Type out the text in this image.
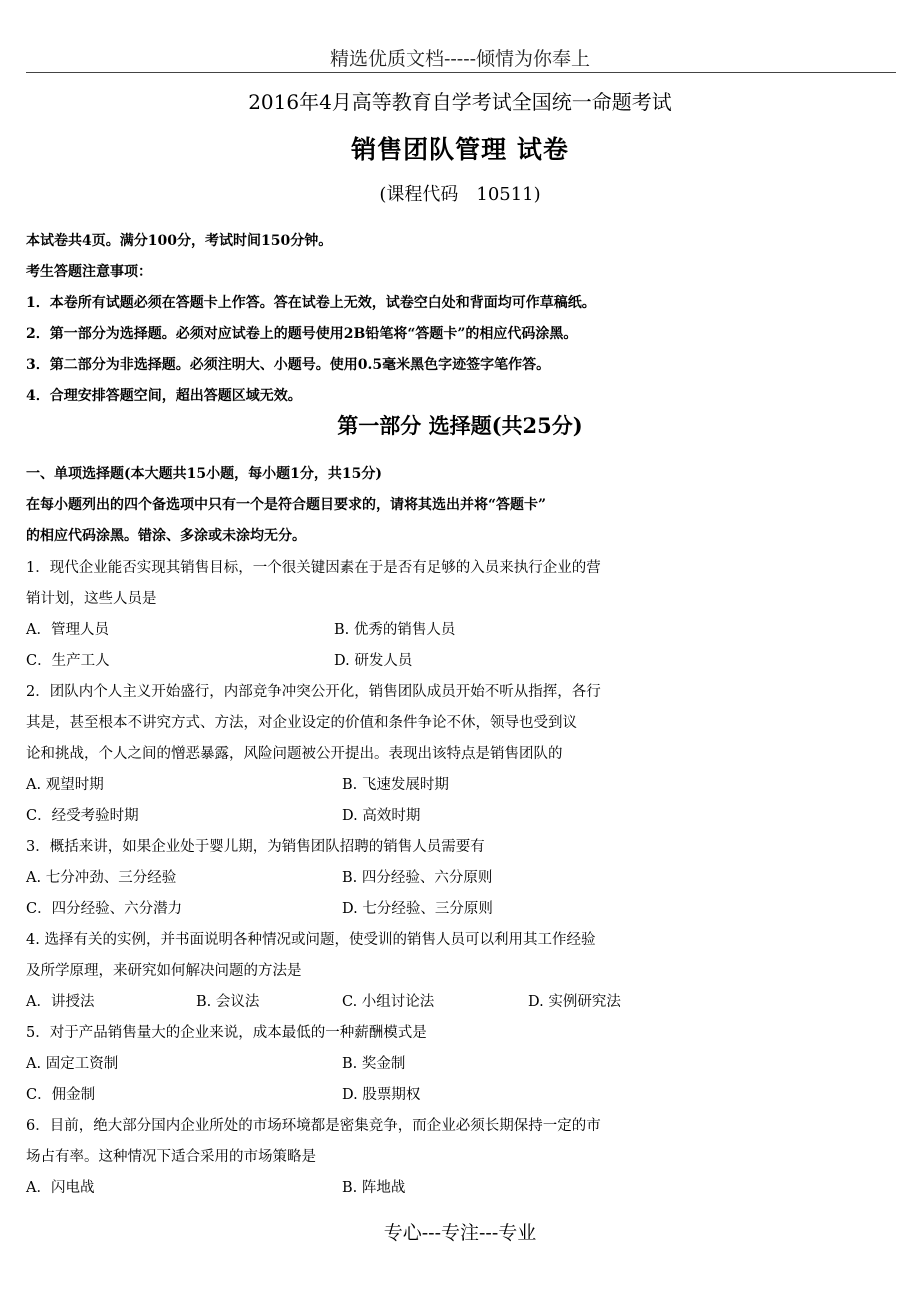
精选优质文档-----倾情为你奉上
2016年4月高等教育自学考试全国统一命题考试
销售团队管理 试卷
(课程代码　10511)
本试卷共4页。满分100分，考试时间150分钟。
考生答题注意事项：
1．本卷所有试题必须在答题卡上作答。答在试卷上无效，试卷空白处和背面均可作草稿纸。
2．第一部分为选择题。必须对应试卷上的题号使用2B铅笔将“答题卡”的相应代码涂黑。
3．第二部分为非选择题。必须注明大、小题号。使用0.5毫米黑色字迹签字笔作答。
4．合理安排答题空间，超出答题区域无效。
第一部分 选择题(共25分)
一、单项选择题(本大题共15小题，每小题1分，共15分)
在每小题列出的四个备选项中只有一个是符合题目要求的，请将其选出并将“答题卡”
的相应代码涂黑。错涂、多涂或未涂均无分。
1．现代企业能否实现其销售目标，一个很关键因素在于是否有足够的入员来执行企业的营
销计划，这些人员是
A．管理人员	B. 优秀的销售人员
C．生产工人	D. 研发人员
2．团队内个人主义开始盛行，内部竞争冲突公开化，销售团队成员开始不听从指挥，各行
其是，甚至根本不讲究方式、方法，对企业设定的价值和条件争论不休，领导也受到议
论和挑战，个人之间的憎恶暴露，风险问题被公开提出。表现出该特点是销售团队的
A. 观望时期	B. 飞速发展时期
C．经受考验时期	D. 高效时期
3．概括来讲，如果企业处于婴儿期，为销售团队招聘的销售人员需要有
A. 七分冲劲、三分经验	B. 四分经验、六分原则
C．四分经验、六分潜力	D. 七分经验、三分原则
4. 选择有关的实例，并书面说明各种情况或问题，使受训的销售人员可以利用其工作经验
及所学原理，来研究如何解决问题的方法是
A．讲授法	B. 会议法	C. 小组讨论法	D. 实例研究法
5．对于产品销售量大的企业来说，成本最低的一种薪酬模式是
A. 固定工资制	B. 奖金制
C．佣金制	D. 股票期权
6．目前，绝大部分国内企业所处的市场环境都是密集竞争，而企业必须长期保持一定的市
场占有率。这种情况下适合采用的市场策略是
A．闪电战	B. 阵地战
专心---专注---专业
